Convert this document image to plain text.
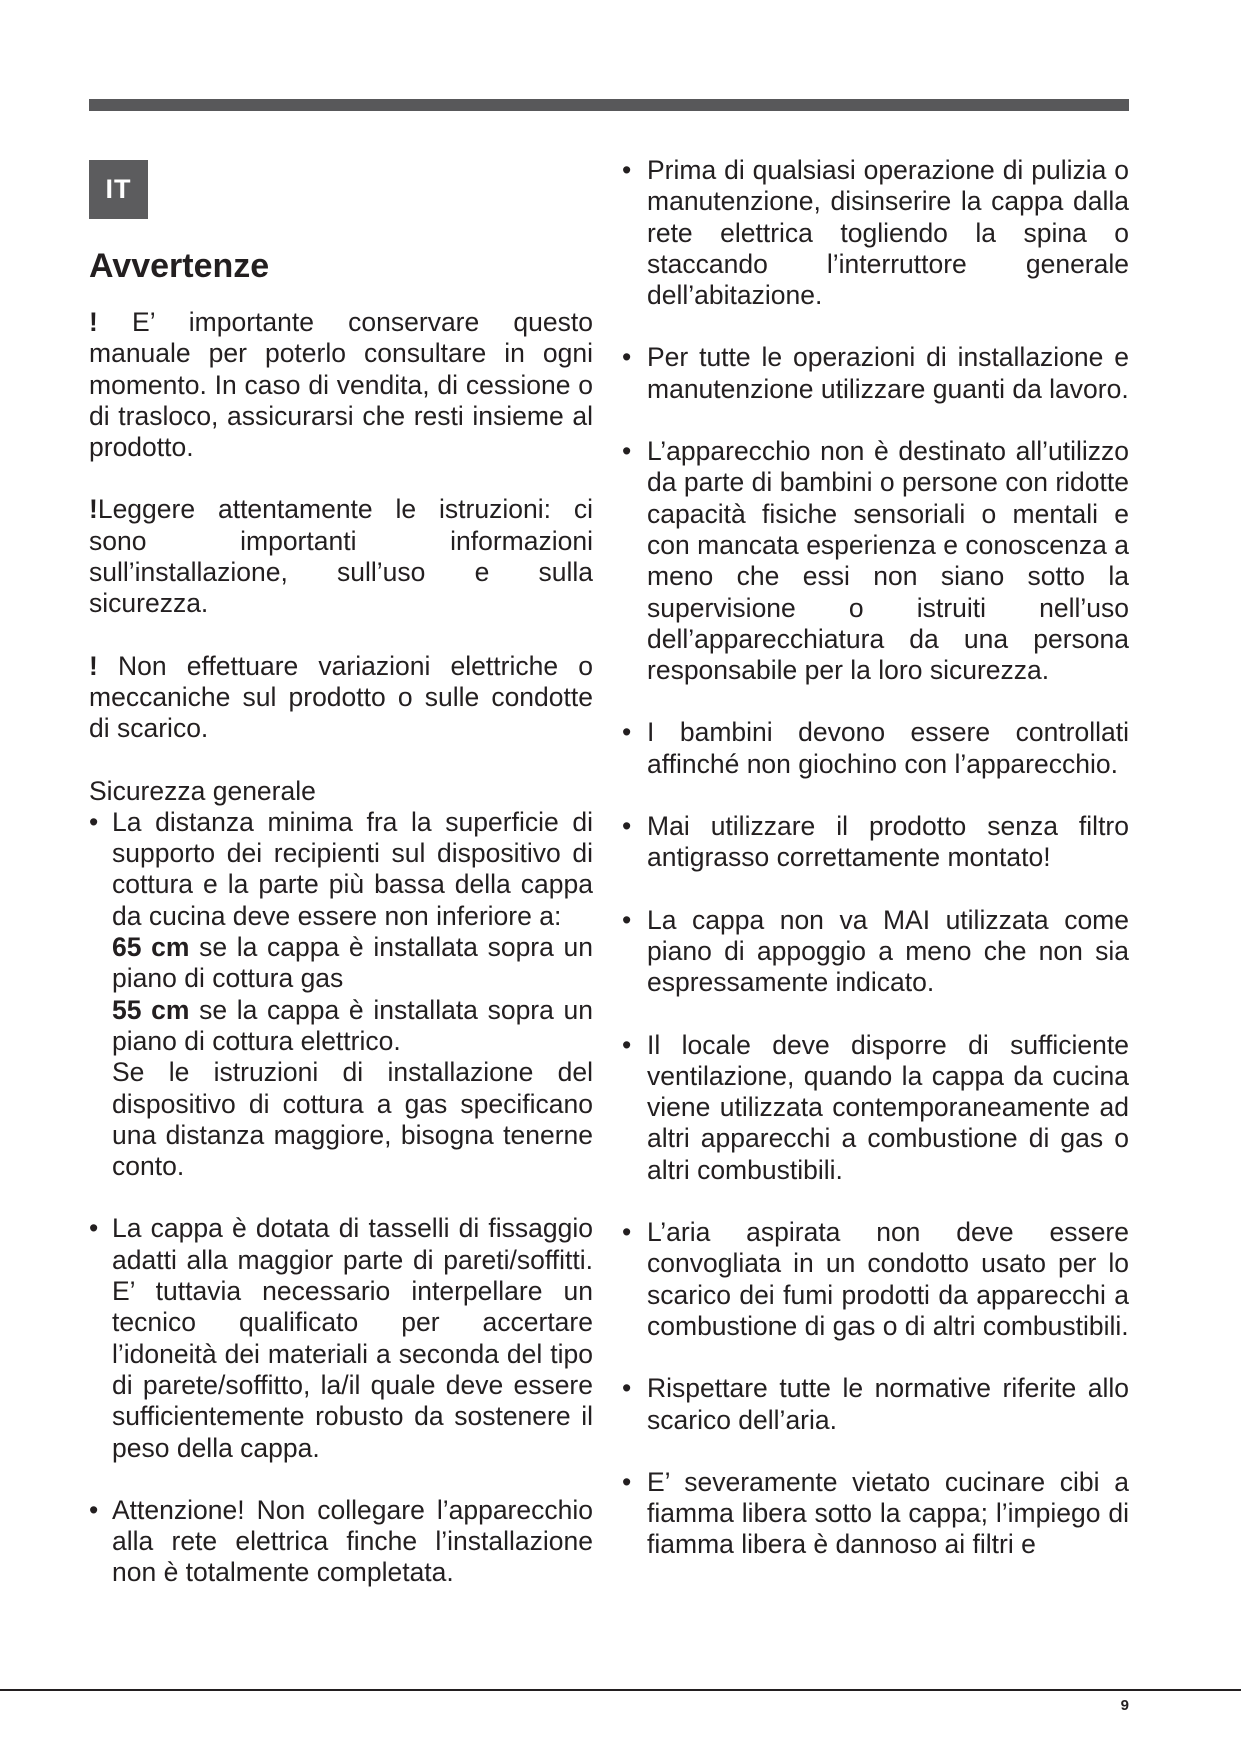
IT
Avvertenze

! E’ importante conservare questo manuale per poterlo consultare in ogni momento. In caso di vendita, di cessione o di trasloco, assicurarsi che resti insieme al prodotto.

!Leggere attentamente le istruzioni: ci sono importanti informazioni sull’installazione, sull’uso e sulla sicurezza.

! Non effettuare variazioni elettriche o meccaniche sul prodotto o sulle condotte di scarico.

Sicurezza generale

• La distanza minima fra la superficie di supporto dei recipienti sul dispositivo di cottura e la parte più bassa della cappa da cucina deve essere non inferiore a:
65 cm se la cappa è installata sopra un piano di cottura gas
55 cm se la cappa è installata sopra un piano di cottura elettrico.
Se le istruzioni di installazione del dispositivo di cottura a gas specificano una distanza maggiore, bisogna tenerne conto.
• La cappa è dotata di tasselli di fissaggio adatti alla maggior parte di pareti/soffitti. E’ tuttavia necessario interpellare un tecnico qualificato per accertare l’idoneità dei materiali a seconda del tipo di parete/soffitto, la/il quale deve essere sufficientemente robusto da sostenere il peso della cappa.
• Attenzione! Non collegare l’apparecchio alla rete elettrica finche l’installazione non è totalmente completata.
• Prima di qualsiasi operazione di pulizia o manutenzione, disinserire la cappa dalla rete elettrica togliendo la spina o staccando l’interruttore generale dell’abitazione.
• Per tutte le operazioni di installazione e manutenzione utilizzare guanti da lavoro.
• L’apparecchio non è destinato all’utilizzo da parte di bambini o persone con ridotte capacità fisiche sensoriali o mentali e con mancata esperienza e conoscenza a meno che essi non siano sotto la supervisione o istruiti nell’uso dell’apparecchiatura da una persona responsabile per la loro sicurezza.
• I bambini devono essere controllati affinché non giochino con l’apparecchio.
• Mai utilizzare il prodotto senza filtro antigrasso correttamente montato!
• La cappa non va MAI utilizzata come piano di appoggio a meno che non sia espressamente indicato.
• Il locale deve disporre di sufficiente ventilazione, quando la cappa da cucina viene utilizzata contemporaneamente ad altri apparecchi a combustione di gas o altri combustibili.
• L’aria aspirata non deve essere convogliata in un condotto usato per lo scarico dei fumi prodotti da apparecchi a combustione di gas o di altri combustibili.
• Rispettare tutte le normative riferite allo scarico dell’aria.
• E’ severamente vietato cucinare cibi a fiamma libera sotto la cappa; l’impiego di fiamma libera è dannoso ai filtri e
9
